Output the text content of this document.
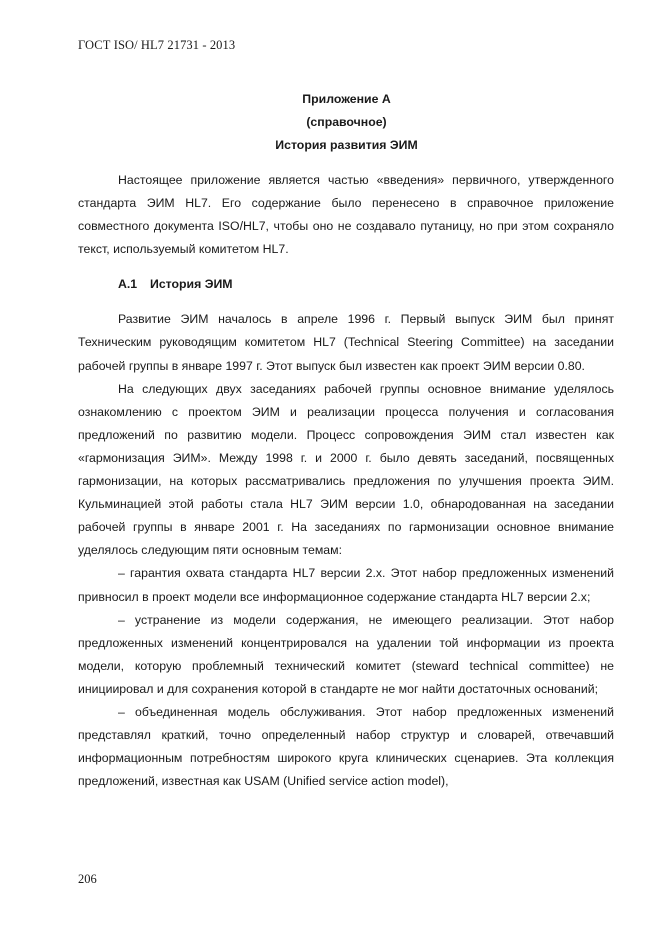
ГОСТ ISO/ HL7 21731 - 2013
Приложение А
(справочное)
История развития ЭИМ

Настоящее приложение является частью «введения» первичного, утвержденного стандарта ЭИМ HL7. Его содержание было перенесено в справочное приложение совместного документа ISO/HL7, чтобы оно не создавало путаницу, но при этом сохраняло текст, используемый комитетом HL7.

А.1 История ЭИМ

Развитие ЭИМ началось в апреле 1996 г. Первый выпуск ЭИМ был принят Техническим руководящим комитетом HL7 (Technical Steering Committee) на заседании рабочей группы в январе 1997 г. Этот выпуск был известен как проект ЭИМ версии 0.80.

На следующих двух заседаниях рабочей группы основное внимание уделялось ознакомлению с проектом ЭИМ и реализации процесса получения и согласования предложений по развитию модели. Процесс сопровождения ЭИМ стал известен как «гармонизация ЭИМ». Между 1998 г. и 2000 г. было девять заседаний, посвященных гармонизации, на которых рассматривались предложения по улучшения проекта ЭИМ. Кульминацией этой работы стала HL7 ЭИМ версии 1.0, обнародованная на заседании рабочей группы в январе 2001 г. На заседаниях по гармонизации основное внимание уделялось следующим пяти основным темам:

– гарантия охвата стандарта HL7 версии 2.x. Этот набор предложенных изменений привносил в проект модели все информационное содержание стандарта HL7 версии 2.x;

– устранение из модели содержания, не имеющего реализации. Этот набор предложенных изменений концентрировался на удалении той информации из проекта модели, которую проблемный технический комитет (steward technical committee) не инициировал и для сохранения которой в стандарте не мог найти достаточных оснований;

– объединенная модель обслуживания. Этот набор предложенных изменений представлял краткий, точно определенный набор структур и словарей, отвечавший информационным потребностям широкого круга клинических сценариев. Эта коллекция предложений, известная как USAM (Unified service action model),

206
